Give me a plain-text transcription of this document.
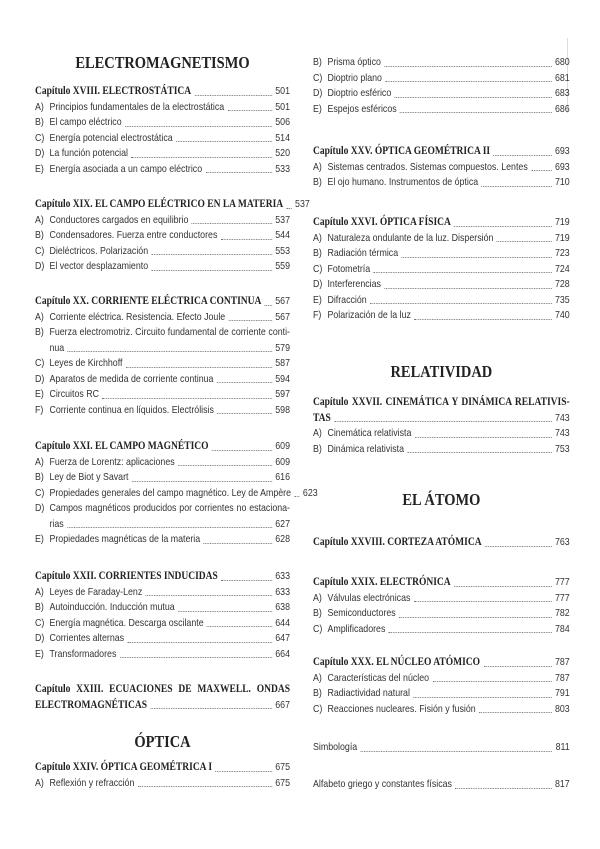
ELECTROMAGNETISMO
Capítulo XVIII. ELECTROSTÁTICA	501
A) Principios fundamentales de la electrostática	501
B) El campo eléctrico	506
C) Energía potencial electrostática	514
D) La función potencial	520
E) Energía asociada a un campo eléctrico	533
Capítulo XIX. EL CAMPO ELÉCTRICO EN LA MATERIA 537
A) Conductores cargados en equilibrio	537
B) Condensadores. Fuerza entre conductores	544
C) Dieléctricos. Polarización	553
D) El vector desplazamiento	559
Capítulo XX. CORRIENTE ELÉCTRICA CONTINUA 567
A) Corriente eléctrica. Resistencia. Efecto Joule	567
B) Fuerza electromotriz. Circuito fundamental de corriente conti-
nua	579
C) Leyes de Kirchhoff	587
D) Aparatos de medida de corriente continua	594
E) Circuitos RC	597
F) Corriente continua en líquidos. Electrólisis	598
Capítulo XXI. EL CAMPO MAGNÉTICO	609
A) Fuerza de Lorentz: aplicaciones	609
B) Ley de Biot y Savart	616
C) Propiedades generales del campo magnético. Ley de Ampère 623
D) Campos magnéticos producidos por corrientes no estaciona-
rias	627
E) Propiedades magnéticas de la materia	628
Capítulo XXII. CORRIENTES INDUCIDAS	633
A) Leyes de Faraday-Lenz	633
B) Autoinducción. Inducción mutua	638
C) Energía magnética. Descarga oscilante	644
D) Corrientes alternas	647
E) Transformadores	664
Capítulo XXIII. ECUACIONES DE MAXWELL. ONDAS
ELECTROMAGNÉTICAS	667
ÓPTICA
Capítulo XXIV. ÓPTICA GEOMÉTRICA I	675
A) Reflexión y refracción	675
B) Prisma óptico	680
C) Dioptrio plano	681
D) Dioptrio esférico	683
E) Espejos esféricos	686
Capítulo XXV. ÓPTICA GEOMÉTRICA II	693
A) Sistemas centrados. Sistemas compuestos. Lentes	693
B) El ojo humano. Instrumentos de óptica	710
Capítulo XXVI. ÓPTICA FÍSICA	719
A) Naturaleza ondulante de la luz. Dispersión	719
B) Radiación térmica	723
C) Fotometría	724
D) Interferencias	728
E) Difracción	735
F) Polarización de la luz	740
RELATIVIDAD
Capítulo XXVII. CINEMÁTICA Y DINÁMICA RELATIVIS-
TAS	743
A) Cinemática relativista	743
B) Dinámica relativista	753
EL ÁTOMO
Capítulo XXVIII. CORTEZA ATÓMICA	763
Capítulo XXIX. ELECTRÓNICA	777
A) Válvulas electrónicas	777
B) Semiconductores	782
C) Amplificadores	784
Capítulo XXX. EL NÚCLEO ATÓMICO	787
A) Características del núcleo	787
B) Radiactividad natural	791
C) Reacciones nucleares. Fisión y fusión	803
Simbología	811
Alfabeto griego y constantes físicas	817
